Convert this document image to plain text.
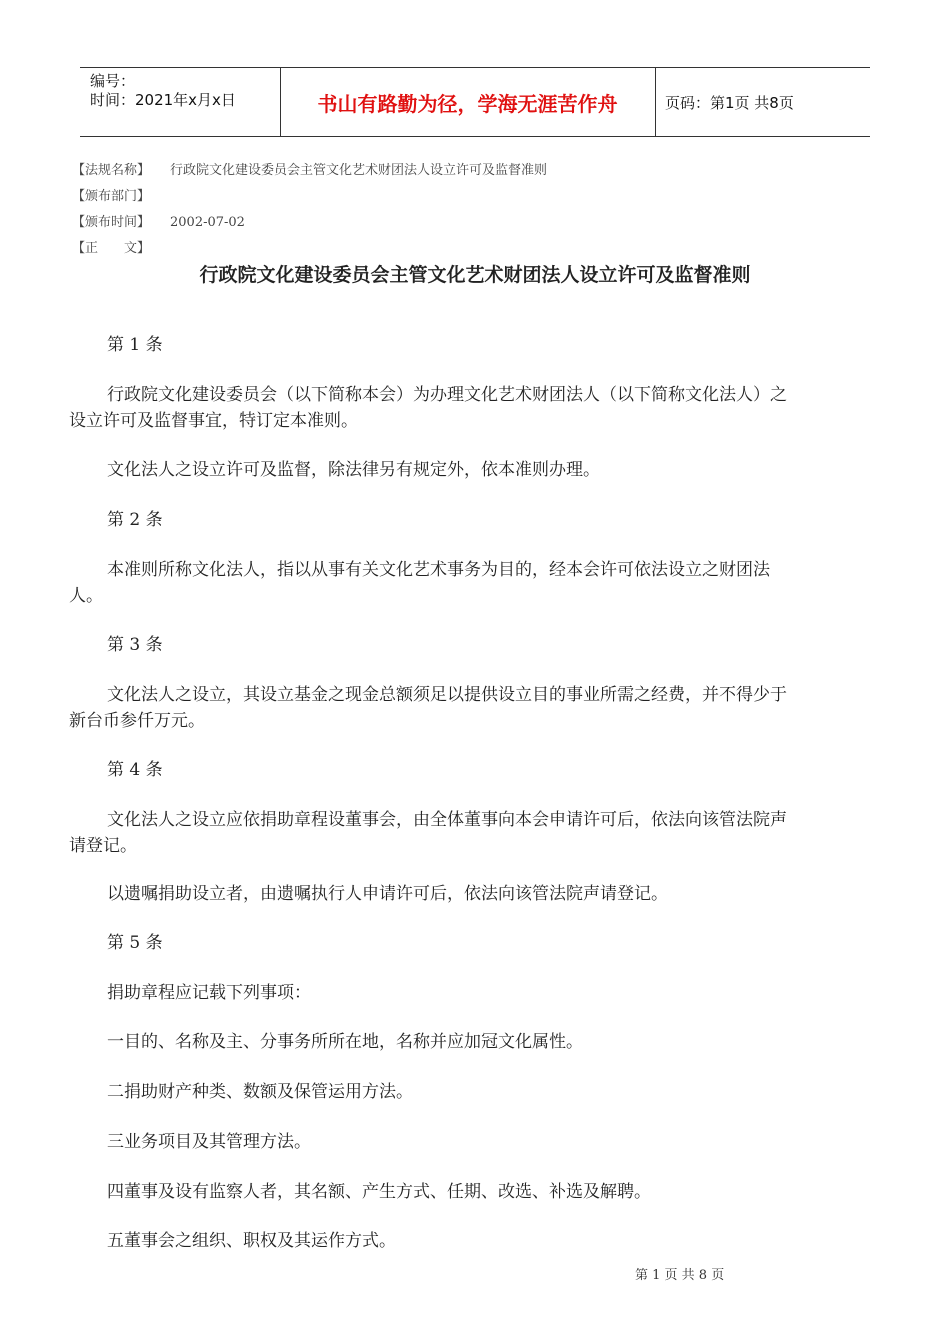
编号：
时间：2021年x月x日	书山有路勤为径，学海无涯苦作舟	页码：第1页 共8页
【法规名称】 行政院文化建设委员会主管文化艺术财团法人设立许可及监督准则
【颁布部门】
【颁布时间】 2002-07-02
【正　　文】
行政院文化建设委员会主管文化艺术财团法人设立许可及监督准则

第 1 条

行政院文化建设委员会（以下简称本会）为办理文化艺术财团法人（以下简称文化法人）之

设立许可及监督事宜，特订定本准则。

文化法人之设立许可及监督，除法律另有规定外，依本准则办理。

第 2 条

本准则所称文化法人，指以从事有关文化艺术事务为目的，经本会许可依法设立之财团法

人。

第 3 条

文化法人之设立，其设立基金之现金总额须足以提供设立目的事业所需之经费，并不得少于

新台币参仟万元。

第 4 条

文化法人之设立应依捐助章程设董事会，由全体董事向本会申请许可后，依法向该管法院声

请登记。

以遗嘱捐助设立者，由遗嘱执行人申请许可后，依法向该管法院声请登记。

第 5 条

捐助章程应记载下列事项：

一目的、名称及主、分事务所所在地，名称并应加冠文化属性。

二捐助财产种类、数额及保管运用方法。

三业务项目及其管理方法。

四董事及设有监察人者，其名额、产生方式、任期、改选、补选及解聘。

五董事会之组织、职权及其运作方式。

第 1 页 共 8 页
